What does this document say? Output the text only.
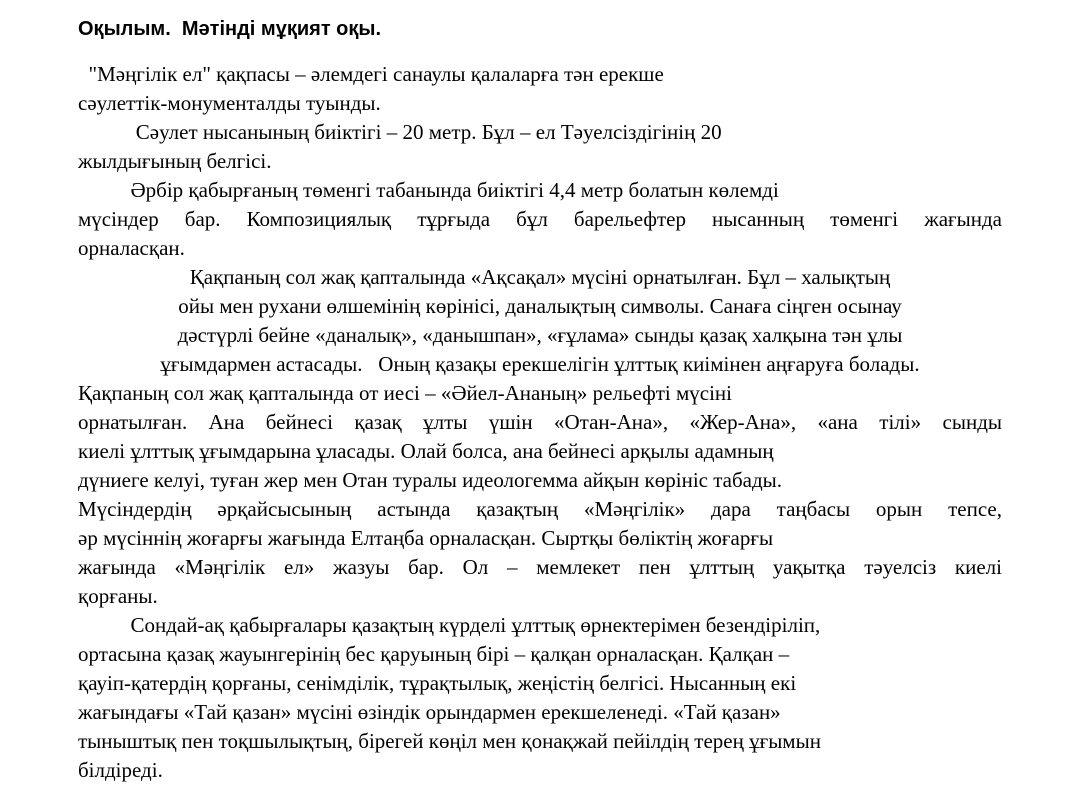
Оқылым.  Мәтінді мұқият оқы.
"Мәңгілік ел" қақпасы – әлемдегі санаулы қалаларға тән ерекше
сәулеттік-монументалды туынды.
Сәулет нысанының биіктігі – 20 метр. Бұл – ел Тәуелсіздігінің 20
жылдығының белгісі.
Әрбір қабырғаның төменгі табанында биіктігі 4,4 метр болатын көлемді
мүсіндер бар. Композициялық тұрғыда бұл барельефтер нысанның төменгі жағында
орналасқан.
Қақпаның сол жақ қапталында «Ақсақал» мүсіні орнатылған. Бұл – халықтың
ойы мен рухани өлшемінің көрінісі, даналықтың символы. Санаға сіңген осынау
дәстүрлі бейне «даналық», «данышпан», «ғұлама» сынды қазақ халқына тән ұлы
ұғымдармен астасады.   Оның қазақы ерекшелігін ұлттық киімінен аңғаруға болады.
Қақпаның сол жақ қапталында от иесі – «Әйел-Ананың» рельефті мүсіні
орнатылған. Ана бейнесі қазақ ұлты үшін «Отан-Ана», «Жер-Ана», «ана тілі» сынды
киелі ұлттық ұғымдарына ұласады. Олай болса, ана бейнесі арқылы адамның
дүниеге келуі, туған жер мен Отан туралы идеологемма айқын көрініс табады.
Мүсіндердің әрқайсысының астында қазақтың «Мәңгілік» дара таңбасы орын тепсе,
әр мүсіннің жоғарғы жағында Елтаңба орналасқан. Сыртқы бөліктің жоғарғы
жағында «Мәңгілік ел» жазуы бар. Ол – мемлекет пен ұлттың уақытқа тәуелсіз киелі
қорғаны.
Сондай-ақ қабырғалары қазақтың күрделі ұлттық өрнектерімен безендіріліп,
ортасына қазақ жауынгерінің бес қаруының бірі – қалқан орналасқан. Қалқан –
қауіп-қатердің қорғаны, сенімділік, тұрақтылық, жеңістің белгісі. Нысанның екі
жағындағы «Тай қазан» мүсіні өзіндік орындармен ерекшеленеді. «Тай қазан»
тыныштық пен тоқшылықтың, бірегей көңіл мен қонақжай пейілдің терең ұғымын
білдіреді.
